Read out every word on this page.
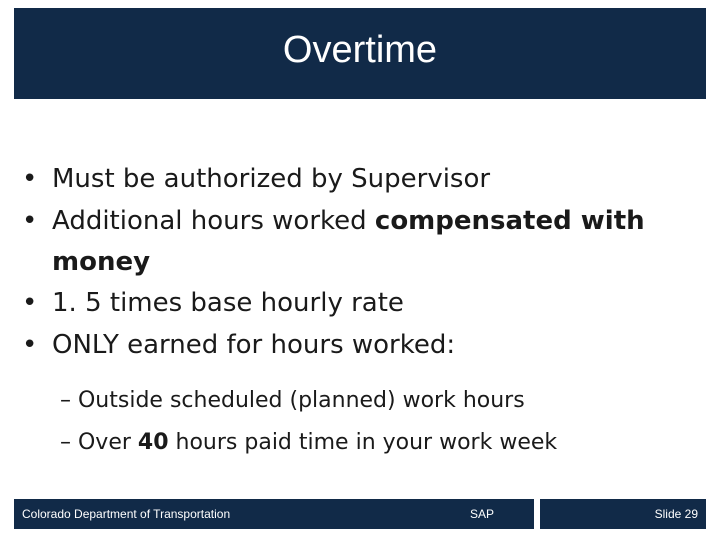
Overtime
• Must be authorized by Supervisor
• Additional hours worked compensated with
money
• 1. 5 times base hourly rate
• ONLY earned for hours worked:
– Outside scheduled (planned) work hours
– Over 40 hours paid time in your work week
Colorado Department of Transportation	SAP	Slide 29
